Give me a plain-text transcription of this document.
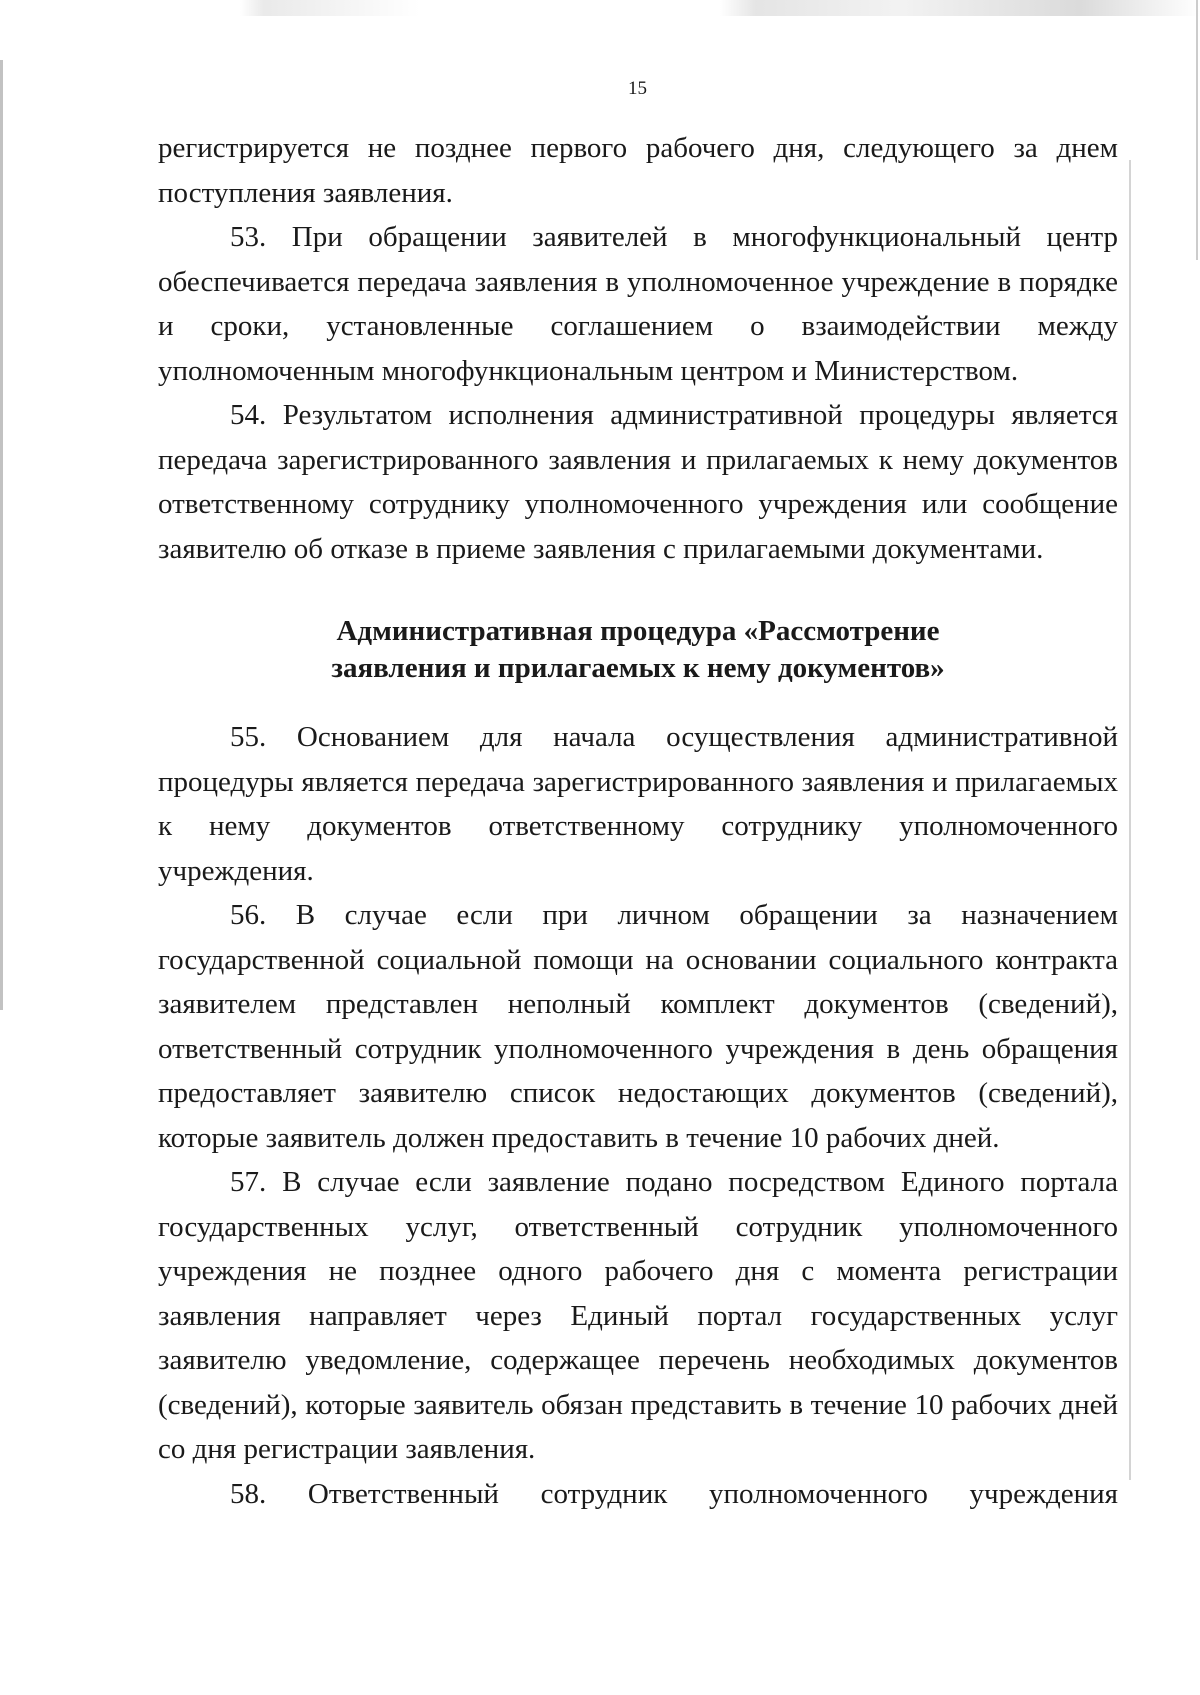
15

регистрируется не позднее первого рабочего дня, следующего за днем поступления заявления.

53. При обращении заявителей в многофункциональный центр обеспечивается передача заявления в уполномоченное учреждение в порядке и сроки, установленные соглашением о взаимодействии между уполномоченным многофункциональным центром и Министерством.

54. Результатом исполнения административной процедуры является передача зарегистрированного заявления и прилагаемых к нему документов ответственному сотруднику уполномоченного учреждения или сообщение заявителю об отказе в приеме заявления с прилагаемыми документами.

Административная процедура «Рассмотрение
заявления и прилагаемых к нему документов»

55. Основанием для начала осуществления административной процедуры является передача зарегистрированного заявления и прилагаемых к нему документов ответственному сотруднику уполномоченного учреждения.

56. В случае если при личном обращении за назначением государственной социальной помощи на основании социального контракта заявителем представлен неполный комплект документов (сведений), ответственный сотрудник уполномоченного учреждения в день обращения предоставляет заявителю список недостающих документов (сведений), которые заявитель должен предоставить в течение 10 рабочих дней.

57. В случае если заявление подано посредством Единого портала государственных услуг, ответственный сотрудник уполномоченного учреждения не позднее одного рабочего дня с момента регистрации заявления направляет через Единый портал государственных услуг заявителю уведомление, содержащее перечень необходимых документов (сведений), которые заявитель обязан представить в течение 10 рабочих дней со дня регистрации заявления.

58. Ответственный сотрудник уполномоченного учреждения
